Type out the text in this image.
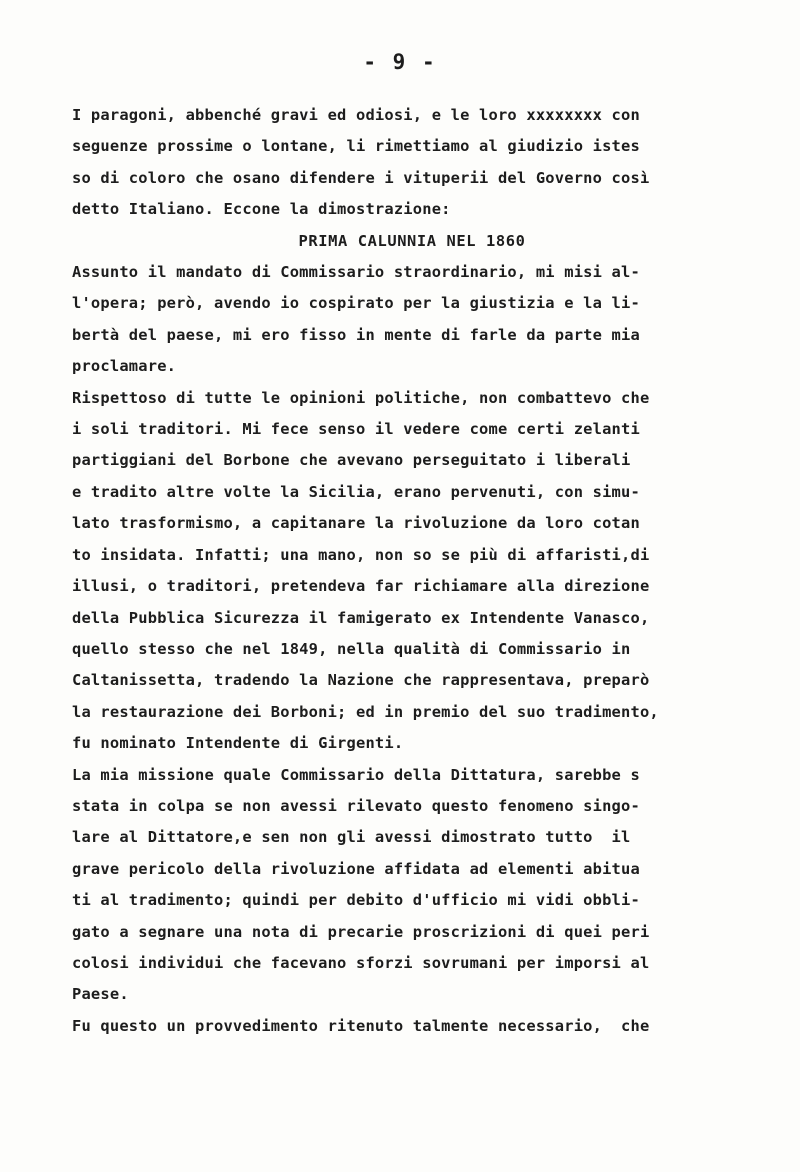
- 9 -
I paragoni, abbenché gravi ed odiosi, e le loro xxxxxxxx con
seguenze prossime o lontane, li rimettiamo al giudizio istes
so di coloro che osano difendere i vituperii del Governo così
detto Italiano. Eccone la dimostrazione:
PRIMA CALUNNIA NEL 1860
Assunto il mandato di Commissario straordinario, mi misi al-
l'opera; però, avendo io cospirato per la giustizia e la li-
bertà del paese, mi ero fisso in mente di farle da parte mia
proclamare.
Rispettoso di tutte le opinioni politiche, non combattevo che
i soli traditori. Mi fece senso il vedere come certi zelanti
partiggiani del Borbone che avevano perseguitato i liberali
e tradito altre volte la Sicilia, erano pervenuti, con simu-
lato trasformismo, a capitanare la rivoluzione da loro cotan
to insidata. Infatti; una mano, non so se più di affaristi,di
illusi, o traditori, pretendeva far richiamare alla direzione
della Pubblica Sicurezza il famigerato ex Intendente Vanasco,
quello stesso che nel 1849, nella qualità di Commissario in
Caltanissetta, tradendo la Nazione che rappresentava, preparò
la restaurazione dei Borboni; ed in premio del suo tradimento,
fu nominato Intendente di Girgenti.
La mia missione quale Commissario della Dittatura, sarebbe s
stata in colpa se non avessi rilevato questo fenomeno singo-
lare al Dittatore,e sen non gli avessi dimostrato tutto  il
grave pericolo della rivoluzione affidata ad elementi abitua
ti al tradimento; quindi per debito d'ufficio mi vidi obbli-
gato a segnare una nota di precarie proscrizioni di quei peri
colosi individui che facevano sforzi sovrumani per imporsi al
Paese.
Fu questo un provvedimento ritenuto talmente necessario,  che
